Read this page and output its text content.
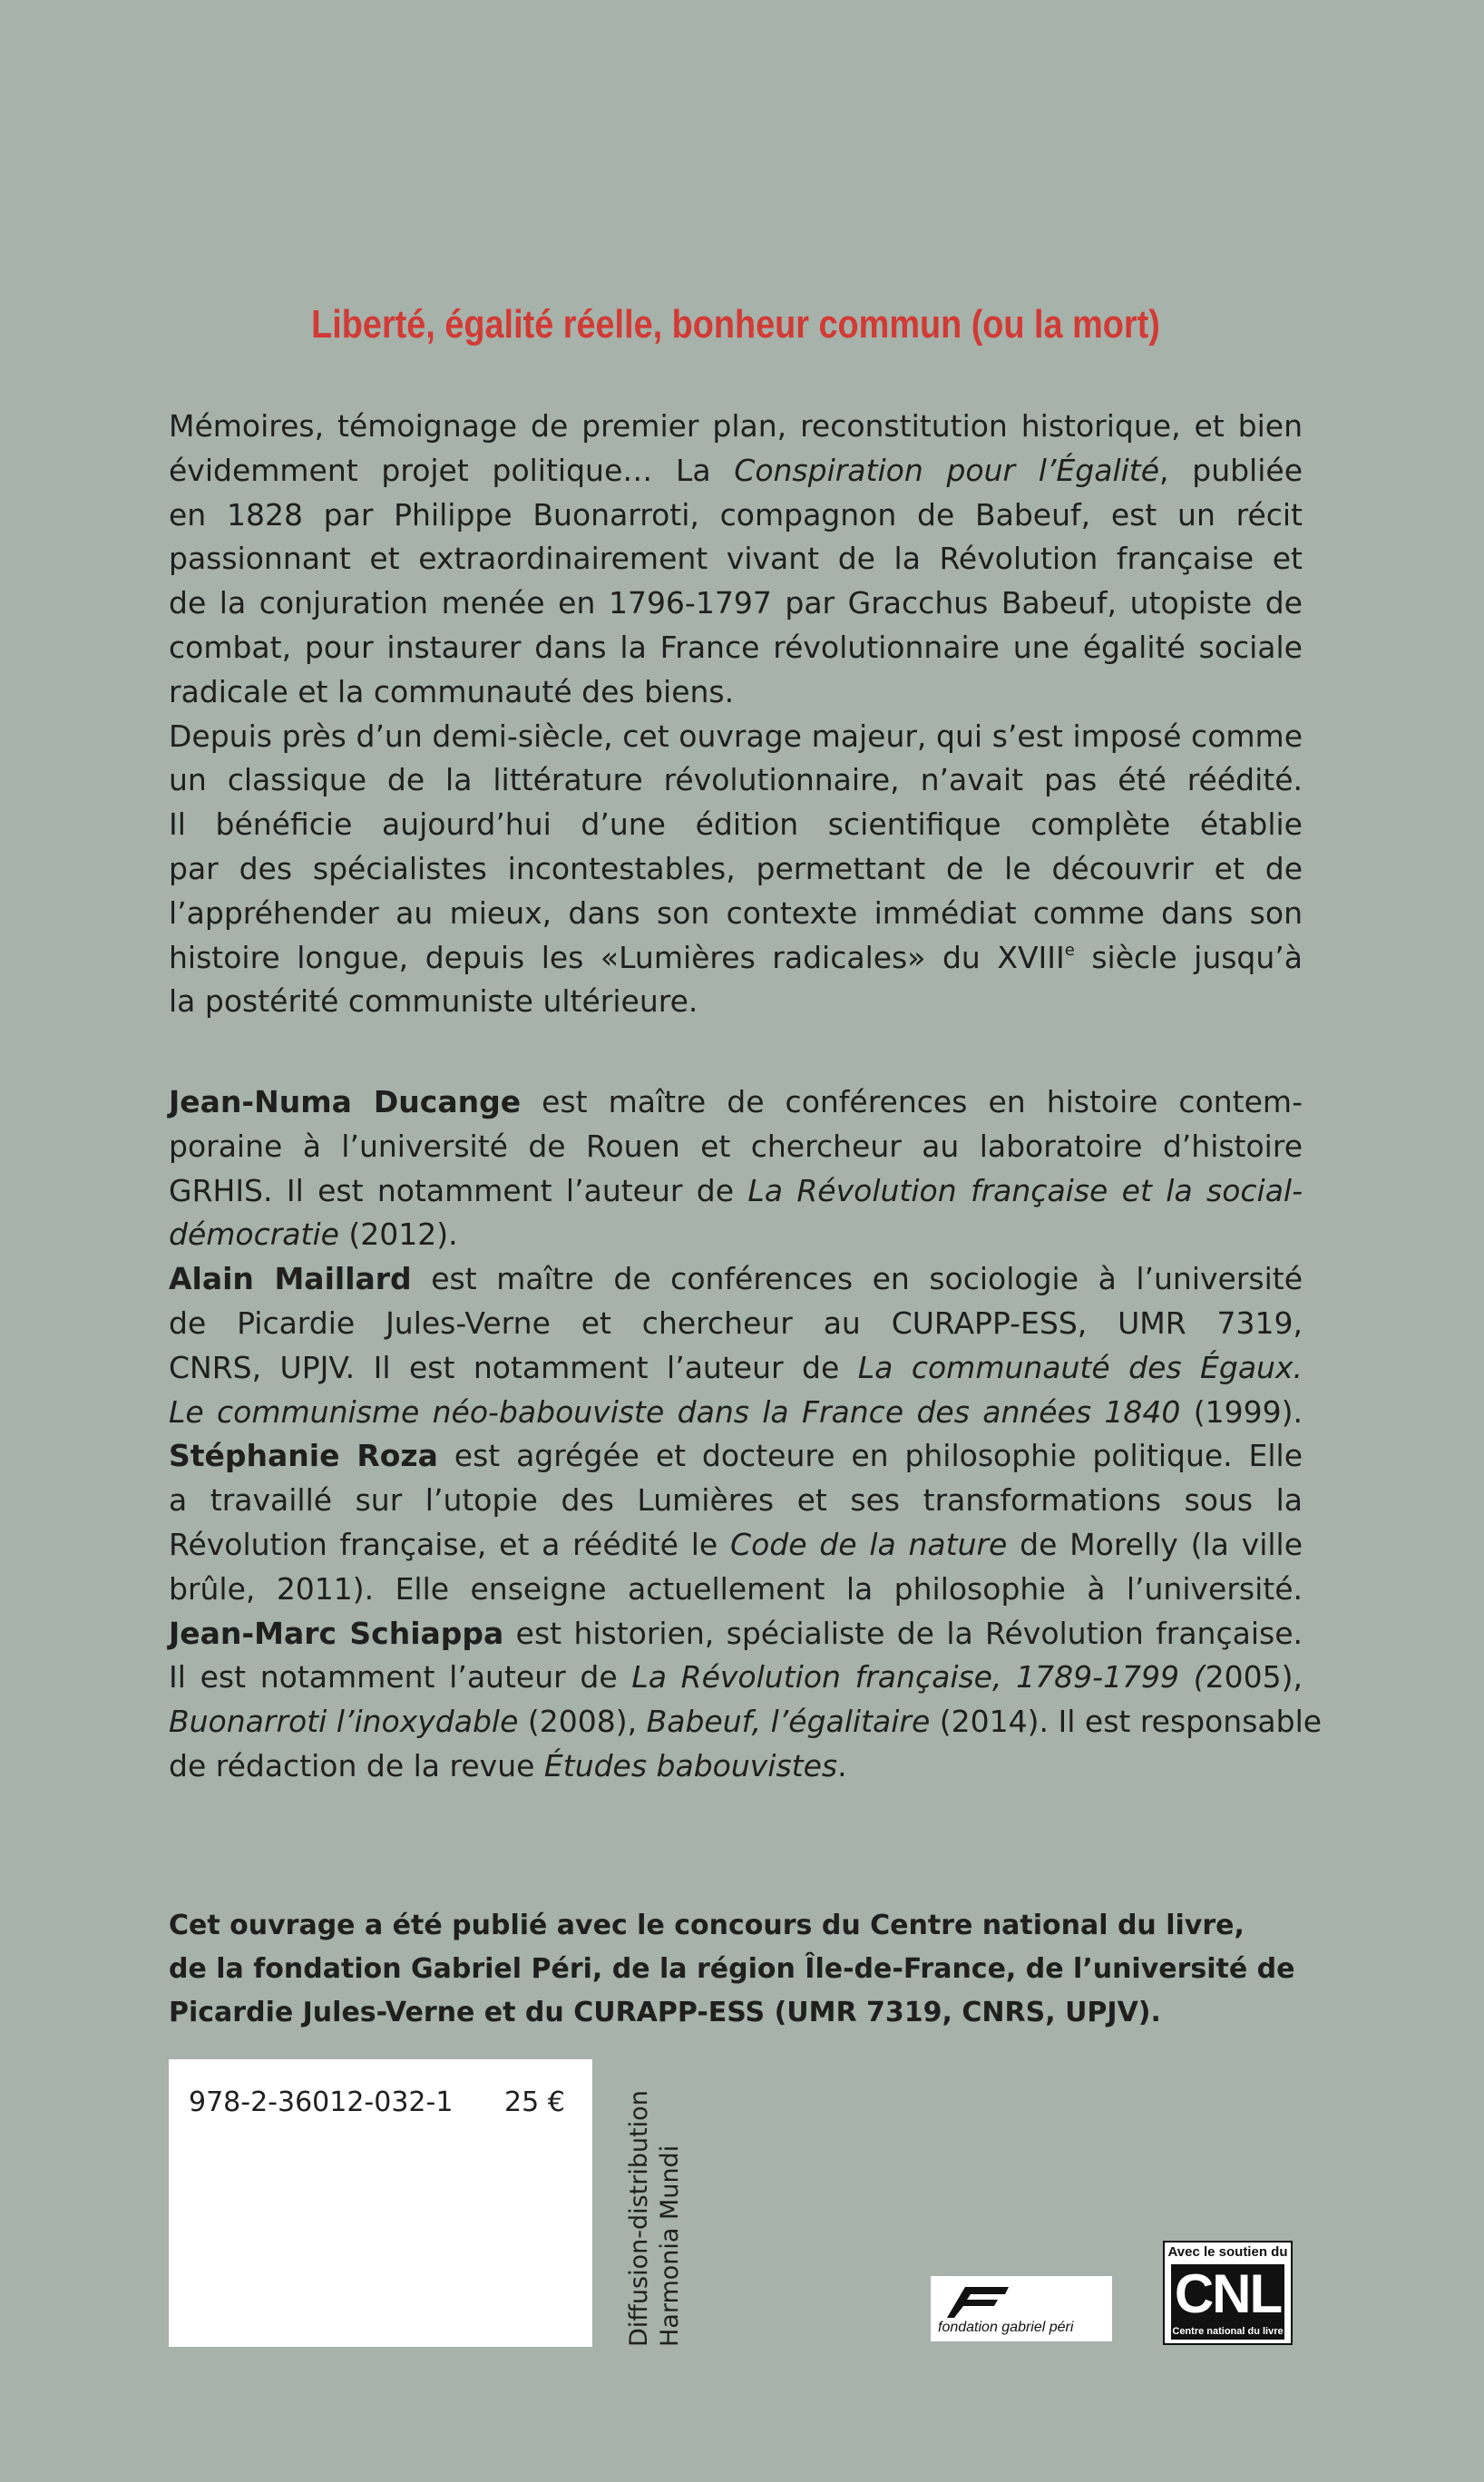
Liberté, égalité réelle, bonheur commun (ou la mort)
Mémoires, témoignage de premier plan, reconstitution historique, et bien
évidemment projet politique… La Conspiration pour l’Égalité, publiée
en 1828 par Philippe Buonarroti, compagnon de Babeuf, est un récit
passionnant et extraordinairement vivant de la Révolution française et
de la conjuration menée en 1796-1797 par Gracchus Babeuf, utopiste de
combat, pour instaurer dans la France révolutionnaire une égalité sociale
radicale et la communauté des biens.
Depuis près d’un demi-siècle, cet ouvrage majeur, qui s’est imposé comme
un classique de la littérature révolutionnaire, n’avait pas été réédité.
Il bénéficie aujourd’hui d’une édition scientifique complète établie
par des spécialistes incontestables, permettant de le découvrir et de
l’appréhender au mieux, dans son contexte immédiat comme dans son
histoire longue, depuis les «Lumières radicales» du XVIIIe siècle jusqu’à
la postérité communiste ultérieure.
Jean-Numa Ducange est maître de conférences en histoire contem-
poraine à l’université de Rouen et chercheur au laboratoire d’histoire
GRHIS. Il est notamment l’auteur de La Révolution française et la social-
démocratie (2012).
Alain Maillard est maître de conférences en sociologie à l’université
de Picardie Jules-Verne et chercheur au CURAPP-ESS, UMR 7319,
CNRS, UPJV. Il est notamment l’auteur de La communauté des Égaux.
Le communisme néo-babouviste dans la France des années 1840 (1999).
Stéphanie Roza est agrégée et docteure en philosophie politique. Elle
a travaillé sur l’utopie des Lumières et ses transformations sous la
Révolution française, et a réédité le Code de la nature de Morelly (la ville
brûle, 2011). Elle enseigne actuellement la philosophie à l’université.
Jean-Marc Schiappa est historien, spécialiste de la Révolution française.
Il est notamment l’auteur de La Révolution française, 1789-1799 (2005),
Buonarroti l’inoxydable (2008), Babeuf, l’égalitaire (2014). Il est responsable
de rédaction de la revue Études babouvistes.
Cet ouvrage a été publié avec le concours du Centre national du livre,
de la fondation Gabriel Péri, de la région Île-de-France, de l’université de
Picardie Jules-Verne et du CURAPP-ESS (UMR 7319, CNRS, UPJV).
978-2-36012-032-1 25 € Diffusion-distribution Harmonia Mundi	fondation gabriel péri
Avec le soutien du
CNL
Centre national du livre
